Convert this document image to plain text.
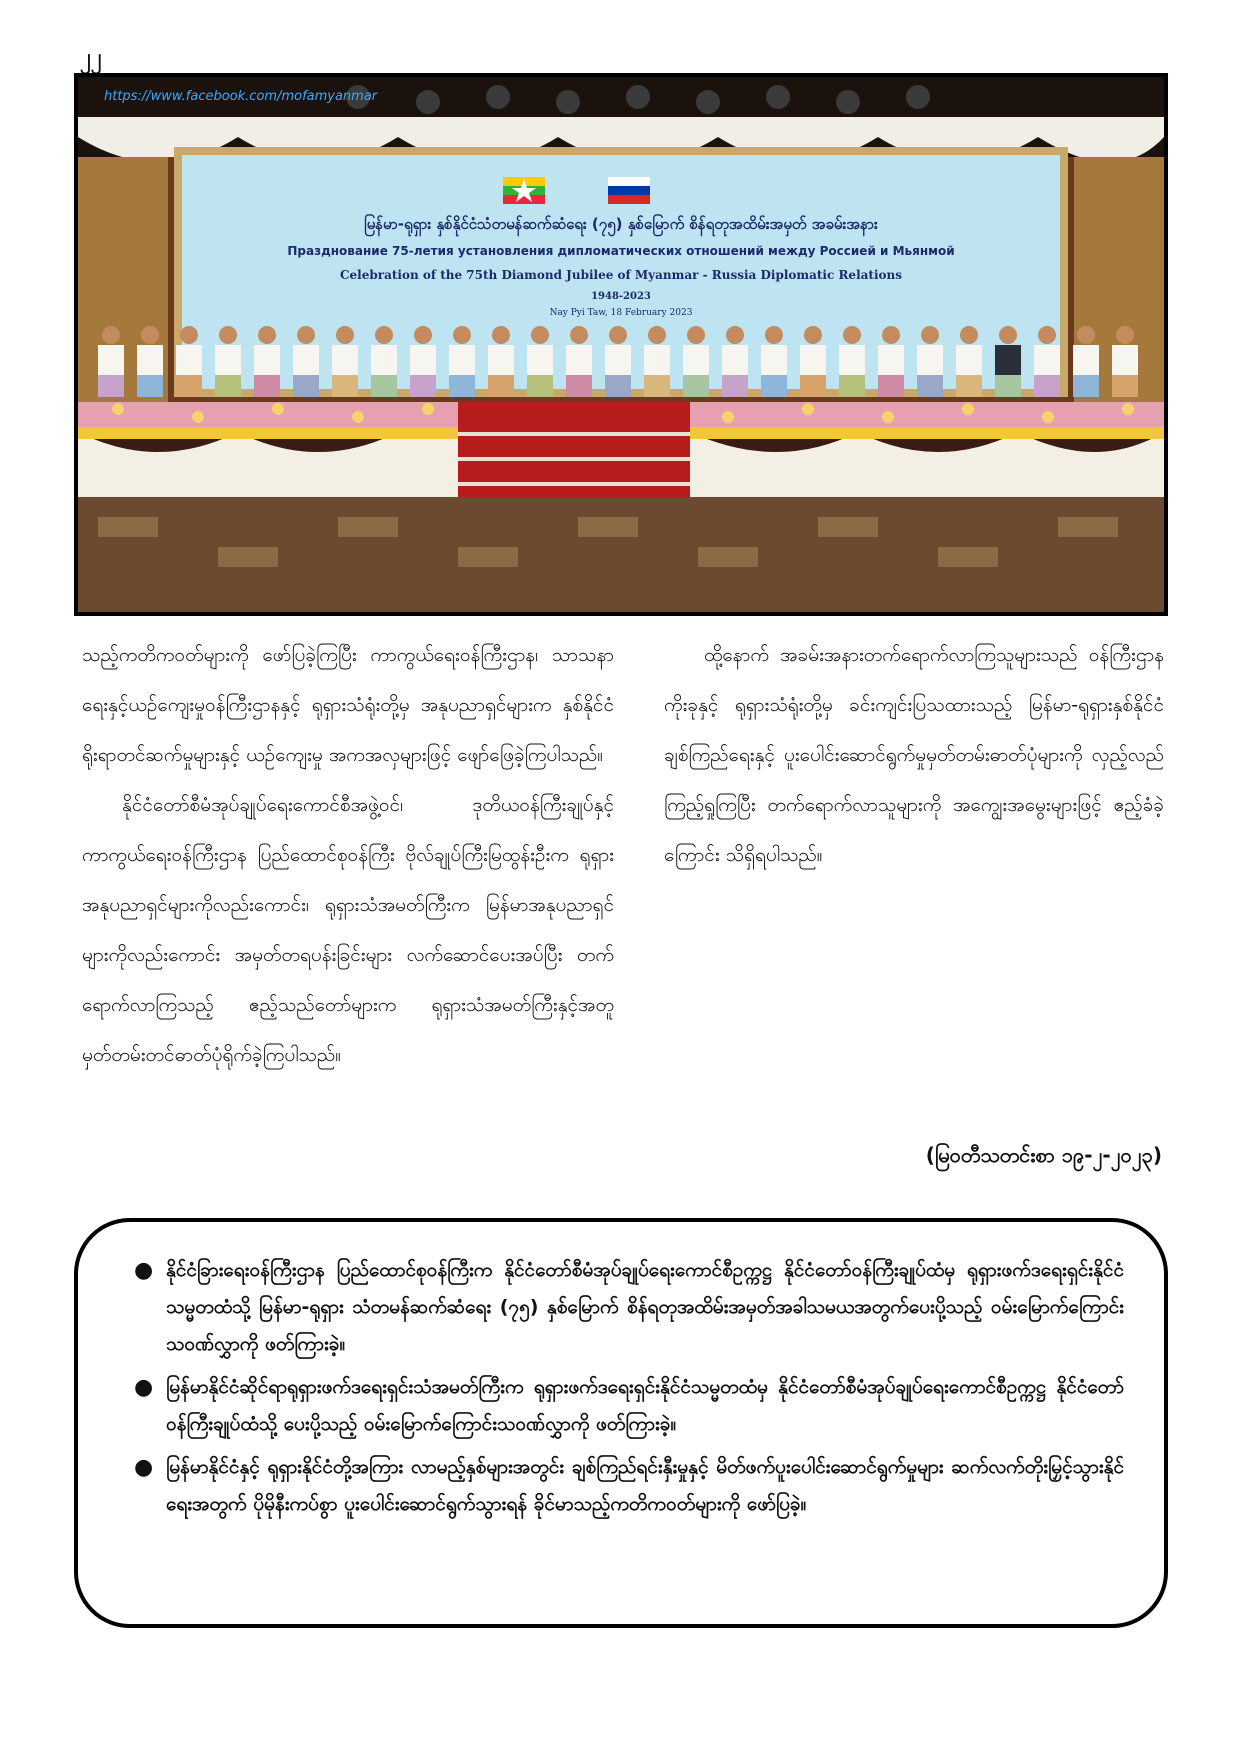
၂၂
https://www.facebook.com/mofamyanmar
မြန်မာ-ရုရှား နှစ်နိုင်ငံသံတမန်ဆက်ဆံရေး (၇၅) နှစ်မြောက် စိန်ရတုအထိမ်းအမှတ် အခမ်းအနား
Празднование 75-летия установления дипломатических отношений между Россией и Мьянмой
Celebration of the 75th Diamond Jubilee of Myanmar - Russia Diplomatic Relations
1948-2023
Nay Pyi Taw, 18 February 2023

သည့်ကတိကဝတ်များကို ဖော်ပြခဲ့ကြပြီး ကာကွယ်ရေးဝန်ကြီးဌာန၊ သာသနာရေးနှင့်ယဉ်ကျေးမှုဝန်ကြီးဌာနနှင့် ရုရှားသံရုံးတို့မှ အနုပညာရှင်များက နှစ်နိုင်ငံရိုးရာတင်ဆက်မှုများနှင့် ယဉ်ကျေးမှု အကအလှများဖြင့် ဖျော်ဖြေခဲ့ကြပါသည်။

နိုင်ငံတော်စီမံအုပ်ချုပ်ရေးကောင်စီအဖွဲ့ဝင်၊ ဒုတိယဝန်ကြီးချုပ်နှင့် ကာကွယ်ရေးဝန်ကြီးဌာန ပြည်ထောင်စုဝန်ကြီး ဗိုလ်ချုပ်ကြီးမြထွန်းဦးက ရုရှားအနုပညာရှင်များကိုလည်းကောင်း၊ ရုရှားသံအမတ်ကြီးက မြန်မာအနုပညာရှင်များကိုလည်းကောင်း အမှတ်တရပန်းခြင်းများ လက်ဆောင်ပေးအပ်ပြီး တက်ရောက်လာကြသည့် ဧည့်သည်တော်များက ရုရှားသံအမတ်ကြီးနှင့်အတူ မှတ်တမ်းတင်ဓာတ်ပုံရိုက်ခဲ့ကြပါသည်။

ထို့နောက် အခမ်းအနားတက်ရောက်လာကြသူများသည် ဝန်ကြီးဌာနကိုးခုနှင့် ရုရှားသံရုံးတို့မှ ခင်းကျင်းပြသထားသည့် မြန်မာ-ရုရှားနှစ်နိုင်ငံချစ်ကြည်ရေးနှင့် ပူးပေါင်းဆောင်ရွက်မှုမှတ်တမ်းဓာတ်ပုံများကို လှည့်လည်ကြည့်ရှုကြပြီး တက်ရောက်လာသူများကို အကျွေးအမွေးများဖြင့် ဧည့်ခံခဲ့ကြောင်း သိရှိရပါသည်။

(မြဝတီသတင်းစာ ၁၉-၂-၂၀၂၃)
● နိုင်ငံခြားရေးဝန်ကြီးဌာန ပြည်ထောင်စုဝန်ကြီးက နိုင်ငံတော်စီမံအုပ်ချုပ်ရေးကောင်စီဥက္ကဋ္ဌ နိုင်ငံတော်ဝန်ကြီးချုပ်ထံမှ ရုရှားဖက်ဒရေးရှင်းနိုင်ငံသမ္မတထံသို့ မြန်မာ-ရုရှား သံတမန်ဆက်ဆံရေး (၇၅) နှစ်မြောက် စိန်ရတုအထိမ်းအမှတ်အခါသမယအတွက်ပေးပို့သည့် ဝမ်းမြောက်ကြောင်းသဝဏ်လွှာကို ဖတ်ကြားခဲ့။
● မြန်မာနိုင်ငံဆိုင်ရာရုရှားဖက်ဒရေးရှင်းသံအမတ်ကြီးက ရုရှားဖက်ဒရေးရှင်းနိုင်ငံသမ္မတထံမှ နိုင်ငံတော်စီမံအုပ်ချုပ်ရေးကောင်စီဥက္ကဋ္ဌ နိုင်ငံတော်ဝန်ကြီးချုပ်ထံသို့ ပေးပို့သည့် ဝမ်းမြောက်ကြောင်းသဝဏ်လွှာကို ဖတ်ကြားခဲ့။
● မြန်မာနိုင်ငံနှင့် ရုရှားနိုင်ငံတို့အကြား လာမည့်နှစ်များအတွင်း ချစ်ကြည်ရင်းနှီးမှုနှင့် မိတ်ဖက်ပူးပေါင်းဆောင်ရွက်မှုများ ဆက်လက်တိုးမြှင့်သွားနိုင်ရေးအတွက် ပိုမိုနီးကပ်စွာ ပူးပေါင်းဆောင်ရွက်သွားရန် ခိုင်မာသည့်ကတိကဝတ်များကို ဖော်ပြခဲ့။
